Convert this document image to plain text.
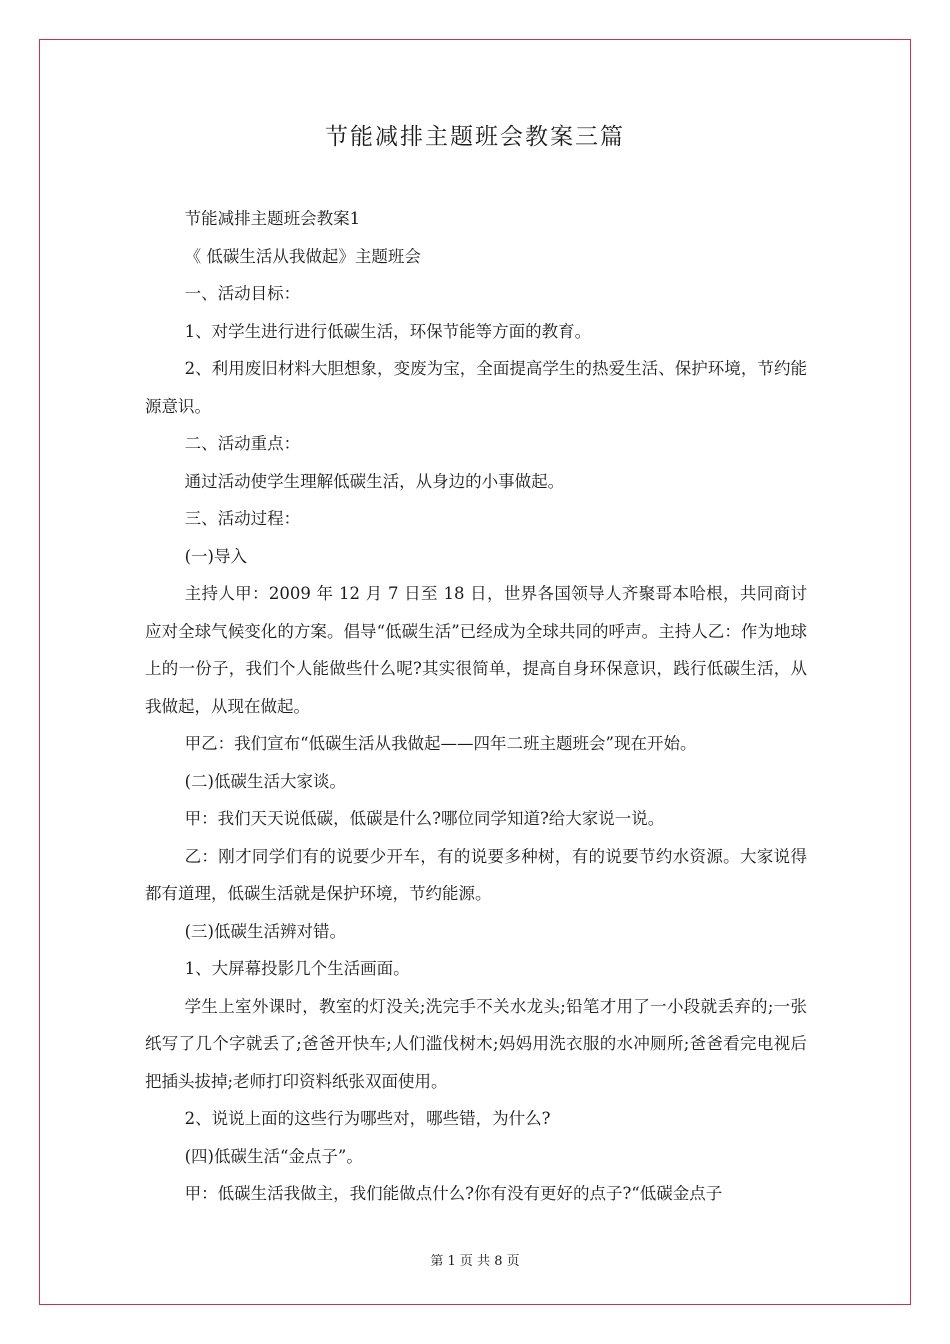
节能减排主题班会教案三篇

节能减排主题班会教案1

《 低碳生活从我做起》主题班会

一、活动目标：

1、对学生进行进行低碳生活，环保节能等方面的教育。

2、利用废旧材料大胆想象，变废为宝，全面提高学生的热爱生活、保护环境，节约能源意识。

二、活动重点：

通过活动使学生理解低碳生活，从身边的小事做起。

三、活动过程：

(一)导入

主持人甲：2009 年 12 月 7 日至 18 日，世界各国领导人齐聚哥本哈根，共同商讨应对全球气候变化的方案。倡导“低碳生活”已经成为全球共同的呼声。主持人乙：作为地球上的一份子，我们个人能做些什么呢?其实很简单，提高自身环保意识，践行低碳生活，从我做起，从现在做起。

甲乙：我们宣布“低碳生活从我做起——四年二班主题班会”现在开始。

(二)低碳生活大家谈。

甲：我们天天说低碳，低碳是什么?哪位同学知道?给大家说一说。

乙：刚才同学们有的说要少开车，有的说要多种树，有的说要节约水资源。大家说得都有道理，低碳生活就是保护环境，节约能源。

(三)低碳生活辨对错。

1、大屏幕投影几个生活画面。

学生上室外课时，教室的灯没关;洗完手不关水龙头;铅笔才用了一小段就丢弃的;一张纸写了几个字就丢了;爸爸开快车;人们滥伐树木;妈妈用洗衣服的水冲厕所;爸爸看完电视后把插头拔掉;老师打印资料纸张双面使用。

2、说说上面的这些行为哪些对，哪些错，为什么?

(四)低碳生活“金点子”。

甲：低碳生活我做主，我们能做点什么?你有没有更好的点子?“低碳金点子

第 1 页 共 8 页
